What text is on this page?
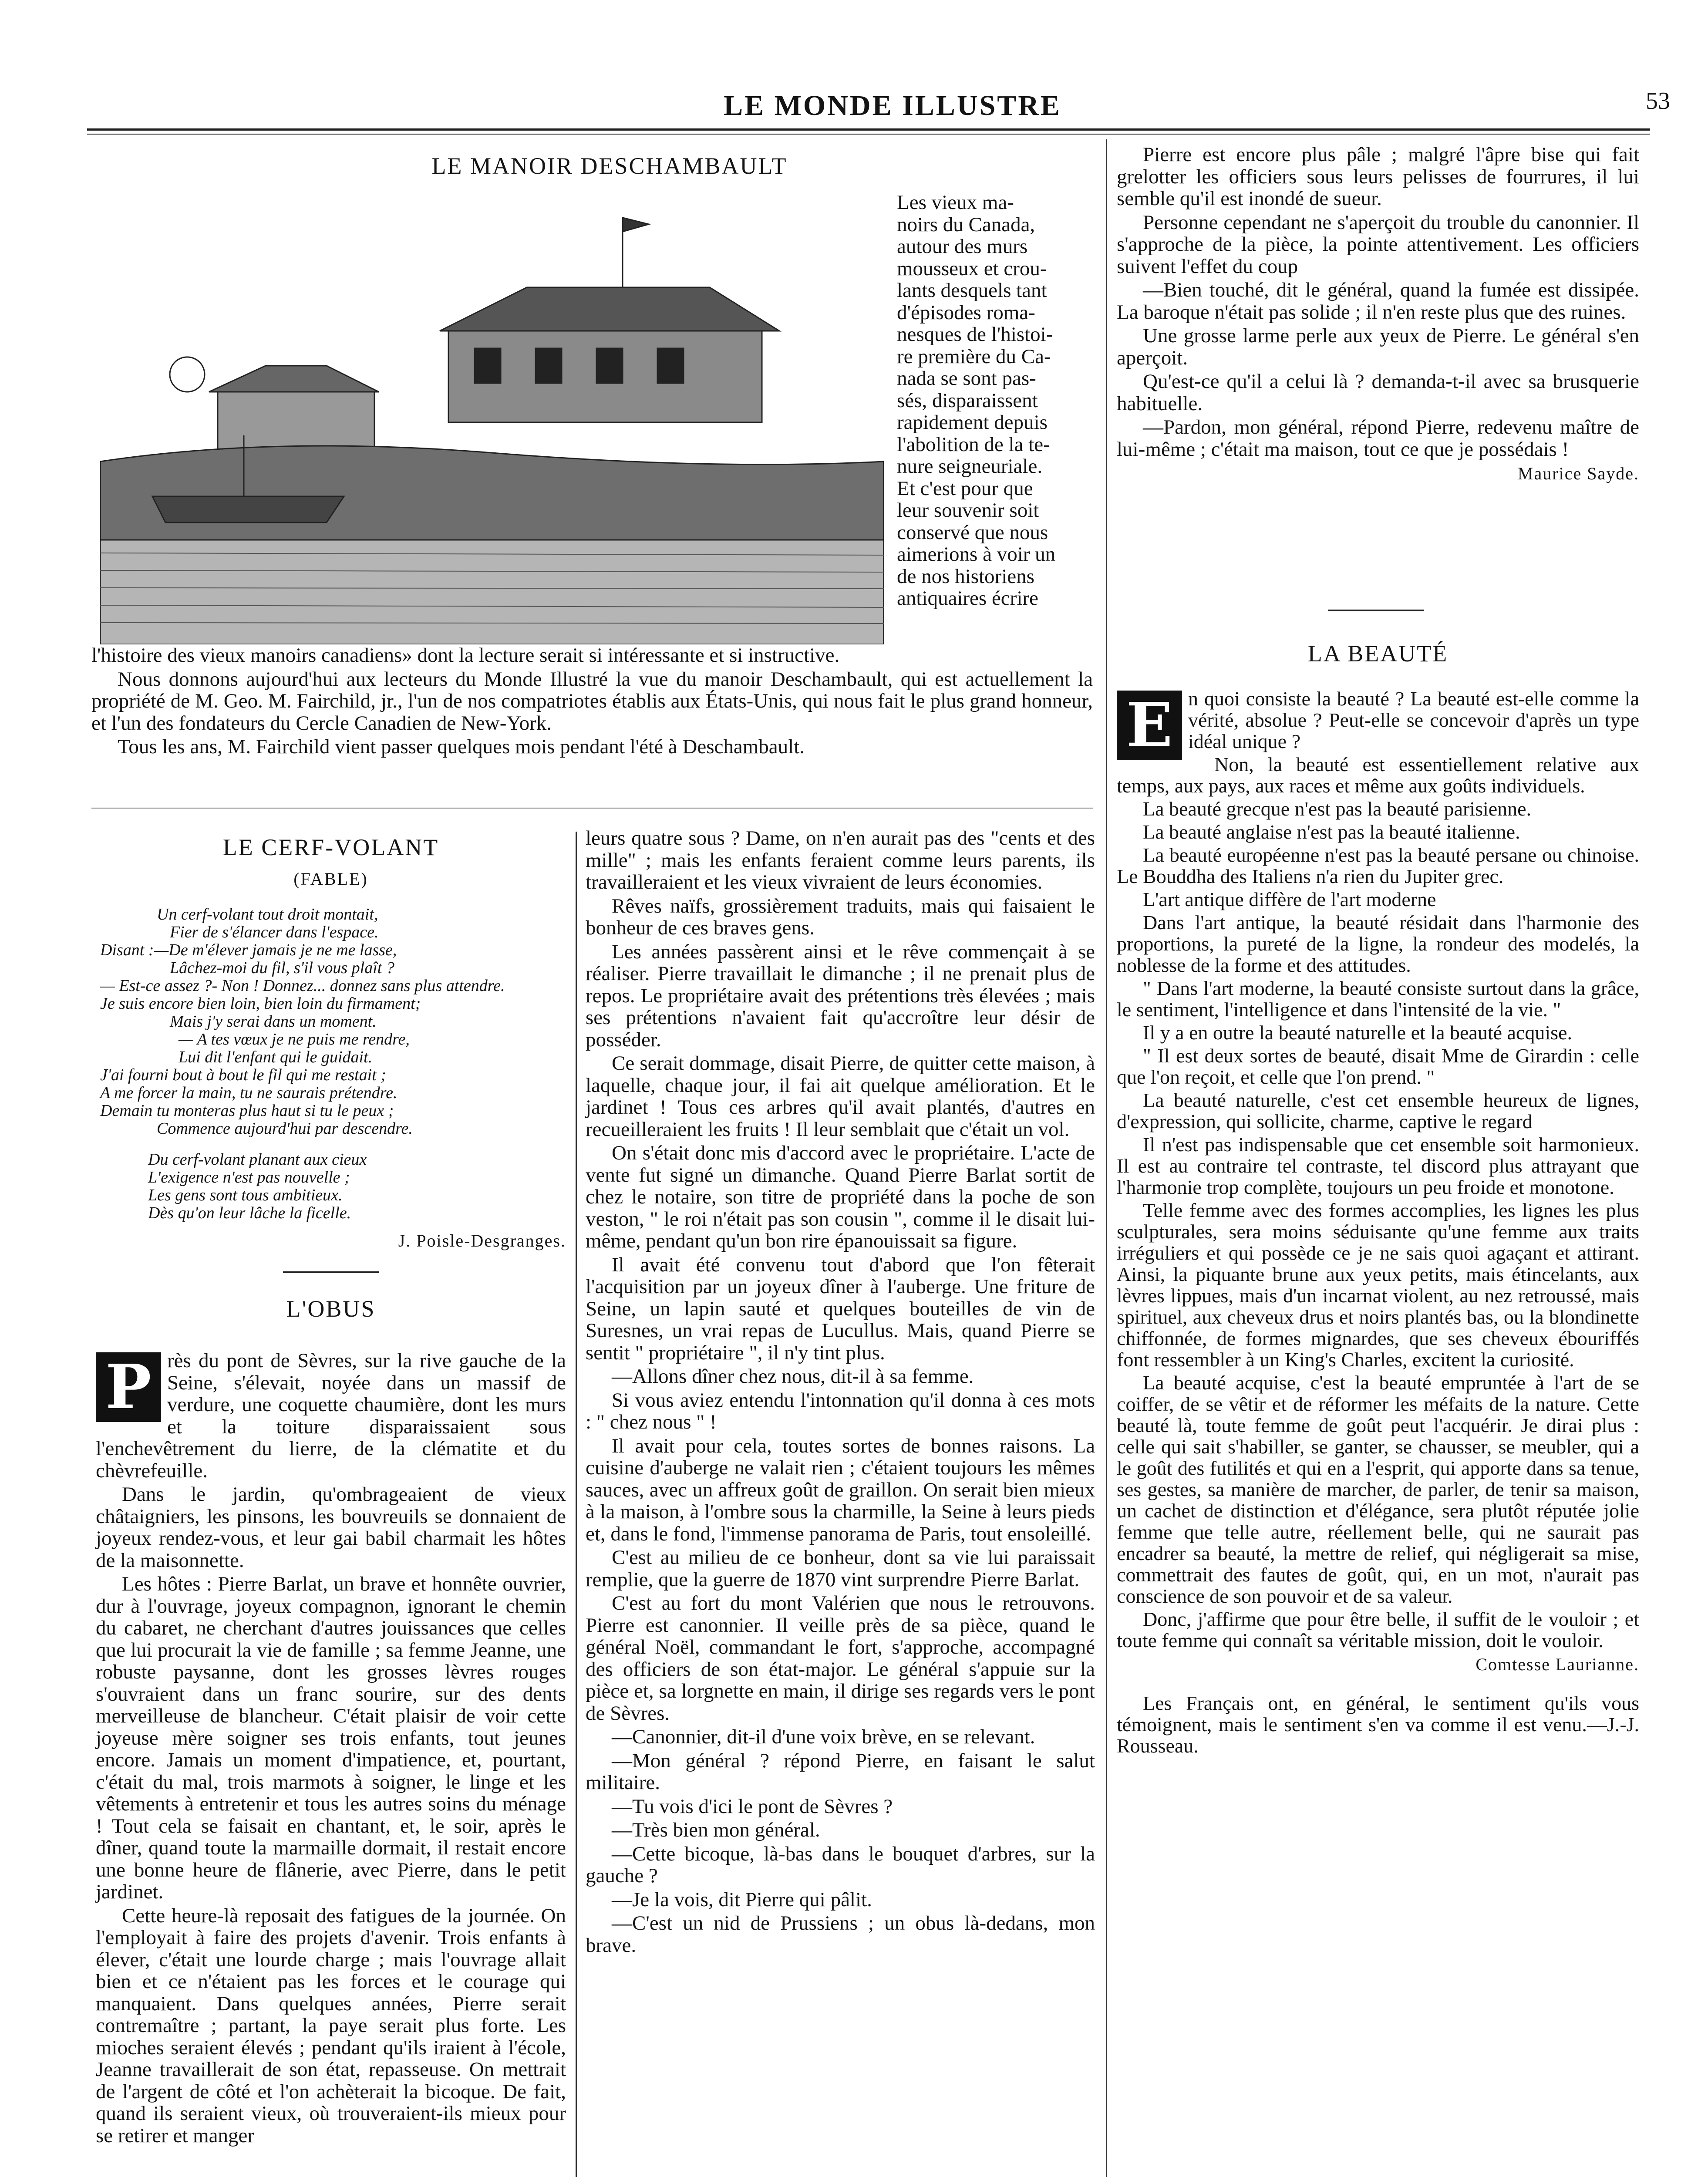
LE MONDE ILLUSTRE	53
LE MANOIR DESCHAMBAULT
Les vieux ma-
noirs du Canada,
autour des murs
mousseux et crou-
lants desquels tant
d'épisodes roma-
nesques de l'histoi-
re première du Ca-
nada se sont pas-
sés, disparaissent
rapidement depuis
l'abolition de la te-
nure seigneuriale.
Et c'est pour que
leur souvenir soit
conservé que nous
aimerions à voir un
de nos historiens
antiquaires écrire

l'histoire des vieux manoirs canadiens» dont la lecture serait si intéressante et si instructive.

Nous donnons aujourd'hui aux lecteurs du Monde Illustré la vue du manoir Deschambault, qui est actuellement la propriété de M. Geo. M. Fairchild, jr., l'un de nos compatriotes établis aux États-Unis, qui nous fait le plus grand honneur, et l'un des fondateurs du Cercle Canadien de New-York.

Tous les ans, M. Fairchild vient passer quelques mois pendant l'été à Deschambault.

LE CERF-VOLANT
(FABLE)
Un cerf-volant tout droit montait,
Fier de s'élancer dans l'espace.
Disant :—De m'élever jamais je ne me lasse,
Lâchez-moi du fil, s'il vous plaît ?
— Est-ce assez ?- Non ! Donnez... donnez sans plus attendre.
Je suis encore bien loin, bien loin du firmament;
Mais j'y serai dans un moment.
— A tes vœux je ne puis me rendre,
Lui dit l'enfant qui le guidait.
J'ai fourni bout à bout le fil qui me restait ;
A me forcer la main, tu ne saurais prétendre.
Demain tu monteras plus haut si tu le peux ;
Commence aujourd'hui par descendre.
Du cerf-volant planant aux cieux
L'exigence n'est pas nouvelle ;
Les gens sont tous ambitieux.
Dès qu'on leur lâche la ficelle.
J. Poisle-Desgranges.
L'OBUS

P rès du pont de Sèvres, sur la rive gauche de la Seine, s'élevait, noyée dans un massif de verdure, une coquette chaumière, dont les murs et la toiture disparaissaient sous l'enchevêtrement du lierre, de la clématite et du chèvrefeuille.

Dans le jardin, qu'ombrageaient de vieux châtaigniers, les pinsons, les bouvreuils se donnaient de joyeux rendez-vous, et leur gai babil charmait les hôtes de la maisonnette.

Les hôtes : Pierre Barlat, un brave et honnête ouvrier, dur à l'ouvrage, joyeux compagnon, ignorant le chemin du cabaret, ne cherchant d'autres jouissances que celles que lui procurait la vie de famille ; sa femme Jeanne, une robuste paysanne, dont les grosses lèvres rouges s'ouvraient dans un franc sourire, sur des dents merveilleuse de blancheur. C'était plaisir de voir cette joyeuse mère soigner ses trois enfants, tout jeunes encore. Jamais un moment d'impatience, et, pourtant, c'était du mal, trois marmots à soigner, le linge et les vêtements à entretenir et tous les autres soins du ménage ! Tout cela se faisait en chantant, et, le soir, après le dîner, quand toute la marmaille dormait, il restait encore une bonne heure de flânerie, avec Pierre, dans le petit jardinet.

Cette heure-là reposait des fatigues de la journée. On l'employait à faire des projets d'avenir. Trois enfants à élever, c'était une lourde charge ; mais l'ouvrage allait bien et ce n'étaient pas les forces et le courage qui manquaient. Dans quelques années, Pierre serait contremaître ; partant, la paye serait plus forte. Les mioches seraient élevés ; pendant qu'ils iraient à l'école, Jeanne travaillerait de son état, repasseuse. On mettrait de l'argent de côté et l'on achèterait la bicoque. De fait, quand ils seraient vieux, où trouveraient-ils mieux pour se retirer et manger

leurs quatre sous ? Dame, on n'en aurait pas des "cents et des mille" ; mais les enfants feraient comme leurs parents, ils travailleraient et les vieux vivraient de leurs économies.

Rêves naïfs, grossièrement traduits, mais qui faisaient le bonheur de ces braves gens.

Les années passèrent ainsi et le rêve commençait à se réaliser. Pierre travaillait le dimanche ; il ne prenait plus de repos. Le propriétaire avait des prétentions très élevées ; mais ses prétentions n'avaient fait qu'accroître leur désir de posséder.

Ce serait dommage, disait Pierre, de quitter cette maison, à laquelle, chaque jour, il fai ait quelque amélioration. Et le jardinet ! Tous ces arbres qu'il avait plantés, d'autres en recueilleraient les fruits ! Il leur semblait que c'était un vol.

On s'était donc mis d'accord avec le propriétaire. L'acte de vente fut signé un dimanche. Quand Pierre Barlat sortit de chez le notaire, son titre de propriété dans la poche de son veston, " le roi n'était pas son cousin ", comme il le disait lui-même, pendant qu'un bon rire épanouissait sa figure.

Il avait été convenu tout d'abord que l'on fêterait l'acquisition par un joyeux dîner à l'auberge. Une friture de Seine, un lapin sauté et quelques bouteilles de vin de Suresnes, un vrai repas de Lucullus. Mais, quand Pierre se sentit " propriétaire ", il n'y tint plus.

—Allons dîner chez nous, dit-il à sa femme.

Si vous aviez entendu l'intonnation qu'il donna à ces mots : " chez nous " !

Il avait pour cela, toutes sortes de bonnes raisons. La cuisine d'auberge ne valait rien ; c'étaient toujours les mêmes sauces, avec un affreux goût de graillon. On serait bien mieux à la maison, à l'ombre sous la charmille, la Seine à leurs pieds et, dans le fond, l'immense panorama de Paris, tout ensoleillé.

C'est au milieu de ce bonheur, dont sa vie lui paraissait remplie, que la guerre de 1870 vint surprendre Pierre Barlat.

C'est au fort du mont Valérien que nous le retrouvons. Pierre est canonnier. Il veille près de sa pièce, quand le général Noël, commandant le fort, s'approche, accompagné des officiers de son état-major. Le général s'appuie sur la pièce et, sa lorgnette en main, il dirige ses regards vers le pont de Sèvres.

—Canonnier, dit-il d'une voix brève, en se relevant.

—Mon général ? répond Pierre, en faisant le salut militaire.

—Tu vois d'ici le pont de Sèvres ?

—Très bien mon général.

—Cette bicoque, là-bas dans le bouquet d'arbres, sur la gauche ?

—Je la vois, dit Pierre qui pâlit.

—C'est un nid de Prussiens ; un obus là-dedans, mon brave.

Pierre est encore plus pâle ; malgré l'âpre bise qui fait grelotter les officiers sous leurs pelisses de fourrures, il lui semble qu'il est inondé de sueur.

Personne cependant ne s'aperçoit du trouble du canonnier. Il s'approche de la pièce, la pointe attentivement. Les officiers suivent l'effet du coup

—Bien touché, dit le général, quand la fumée est dissipée. La baroque n'était pas solide ; il n'en reste plus que des ruines.

Une grosse larme perle aux yeux de Pierre. Le général s'en aperçoit.

Qu'est-ce qu'il a celui là ? demanda-t-il avec sa brusquerie habituelle.

—Pardon, mon général, répond Pierre, redevenu maître de lui-même ; c'était ma maison, tout ce que je possédais !

Maurice Sayde.
LA BEAUTÉ

E n quoi consiste la beauté ? La beauté est-elle comme la vérité, absolue ? Peut-elle se concevoir d'après un type idéal unique ?

Non, la beauté est essentiellement relative aux temps, aux pays, aux races et même aux goûts individuels.

La beauté grecque n'est pas la beauté parisienne.

La beauté anglaise n'est pas la beauté italienne.

La beauté européenne n'est pas la beauté persane ou chinoise. Le Bouddha des Italiens n'a rien du Jupiter grec.

L'art antique diffère de l'art moderne

Dans l'art antique, la beauté résidait dans l'harmonie des proportions, la pureté de la ligne, la rondeur des modelés, la noblesse de la forme et des attitudes.

" Dans l'art moderne, la beauté consiste surtout dans la grâce, le sentiment, l'intelligence et dans l'intensité de la vie. "

Il y a en outre la beauté naturelle et la beauté acquise.

" Il est deux sortes de beauté, disait Mme de Girardin : celle que l'on reçoit, et celle que l'on prend. "

La beauté naturelle, c'est cet ensemble heureux de lignes, d'expression, qui sollicite, charme, captive le regard

Il n'est pas indispensable que cet ensemble soit harmonieux. Il est au contraire tel contraste, tel discord plus attrayant que l'harmonie trop complète, toujours un peu froide et monotone.

Telle femme avec des formes accomplies, les lignes les plus sculpturales, sera moins séduisante qu'une femme aux traits irréguliers et qui possède ce je ne sais quoi agaçant et attirant. Ainsi, la piquante brune aux yeux petits, mais étincelants, aux lèvres lippues, mais d'un incarnat violent, au nez retroussé, mais spirituel, aux cheveux drus et noirs plantés bas, ou la blondinette chiffonnée, de formes mignardes, que ses cheveux ébouriffés font ressembler à un King's Charles, excitent la curiosité.

La beauté acquise, c'est la beauté empruntée à l'art de se coiffer, de se vêtir et de réformer les méfaits de la nature. Cette beauté là, toute femme de goût peut l'acquérir. Je dirai plus : celle qui sait s'habiller, se ganter, se chausser, se meubler, qui a le goût des futilités et qui en a l'esprit, qui apporte dans sa tenue, ses gestes, sa manière de marcher, de parler, de tenir sa maison, un cachet de distinction et d'élégance, sera plutôt réputée jolie femme que telle autre, réellement belle, qui ne saurait pas encadrer sa beauté, la mettre de relief, qui négligerait sa mise, commettrait des fautes de goût, qui, en un mot, n'aurait pas conscience de son pouvoir et de sa valeur.

Donc, j'affirme que pour être belle, il suffit de le vouloir ; et toute femme qui connaît sa véritable mission, doit le vouloir.

Comtesse Laurianne.

Les Français ont, en général, le sentiment qu'ils vous témoignent, mais le sentiment s'en va comme il est venu.—J.-J. Rousseau.
